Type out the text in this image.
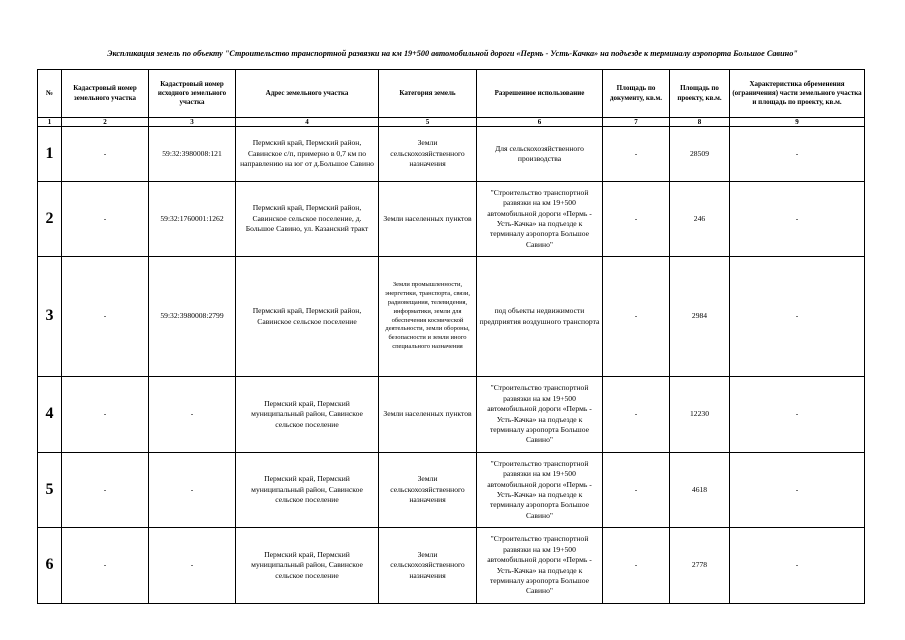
Экспликация земель по объекту "Строительство транспортной развязки на км 19+500 автомобильной дороги «Пермь - Усть-Качка» на подъезде к терминалу аэропорта Большое Савино"
№	Кадастровый номер земельного участка	Кадастровый номер исходного земельного участка	Адрес земельного участка	Категория земель	Разрешенное использование	Площадь по документу, кв.м.	Площадь по проекту, кв.м.	Характеристика обременения (ограничения) части земельного участка и площадь по проекту, кв.м.
1	2	3	4	5	6	7	8	9
1	-	59:32:3980008:121	Пермский край, Пермский район, Савинское с/п, примерно в 0,7 км по направлению на юг от д.Большое Савино	Земли сельскохозяйственного назначения	Для сельскохозяйственного производства	-	28509	-
2	-	59:32:1760001:1262	Пермский край, Пермский район, Савинское сельское поселение, д. Большое Савино, ул. Казанский тракт	Земли населенных пунктов	"Строительство транспортной развязки на км 19+500 автомобильной дороги «Пермь - Усть-Качка» на подъезде к терминалу аэропорта Большое Савино"	-	246	-
3	-	59:32:3980008:2799	Пермский край, Пермский район, Савинское сельское поселение	Земли промышленности, энергетики, транспорта, связи, радиовещания, телевидения, информатики, земли для обеспечения космической деятельности, земли обороны, безопасности и земли иного специального назначения	под объекты недвижимости предприятия воздушного транспорта	-	2984	-
4	-	-	Пермский край, Пермский муниципальный район, Савинское сельское поселение	Земли населенных пунктов	"Строительство транспортной развязки на км 19+500 автомобильной дороги «Пермь - Усть-Качка» на подъезде к терминалу аэропорта Большое Савино"	-	12230	-
5	-	-	Пермский край, Пермский муниципальный район, Савинское сельское поселение	Земли сельскохозяйственного назначения	"Строительство транспортной развязки на км 19+500 автомобильной дороги «Пермь - Усть-Качка» на подъезде к терминалу аэропорта Большое Савино"	-	4618	-
6	-	-	Пермский край, Пермский муниципальный район, Савинское сельское поселение	Земли сельскохозяйственного назначения	"Строительство транспортной развязки на км 19+500 автомобильной дороги «Пермь - Усть-Качка» на подъезде к терминалу аэропорта Большое Савино"	-	2778	-
